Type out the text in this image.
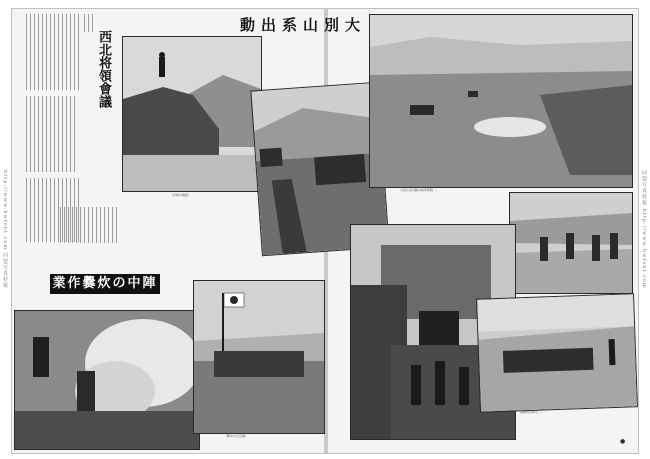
大別山系出動
西北将領會議
（歩哨の雄姿）
大別山系出動の戦車部隊 ...
（城門に入る部隊）
部隊長の訓示 ...
陣中の炊爨作業
（陣中の日章旗）
http://www.hwfont.com 同盟写真特報	同盟写真特報 http://www.hwfont.com
●
